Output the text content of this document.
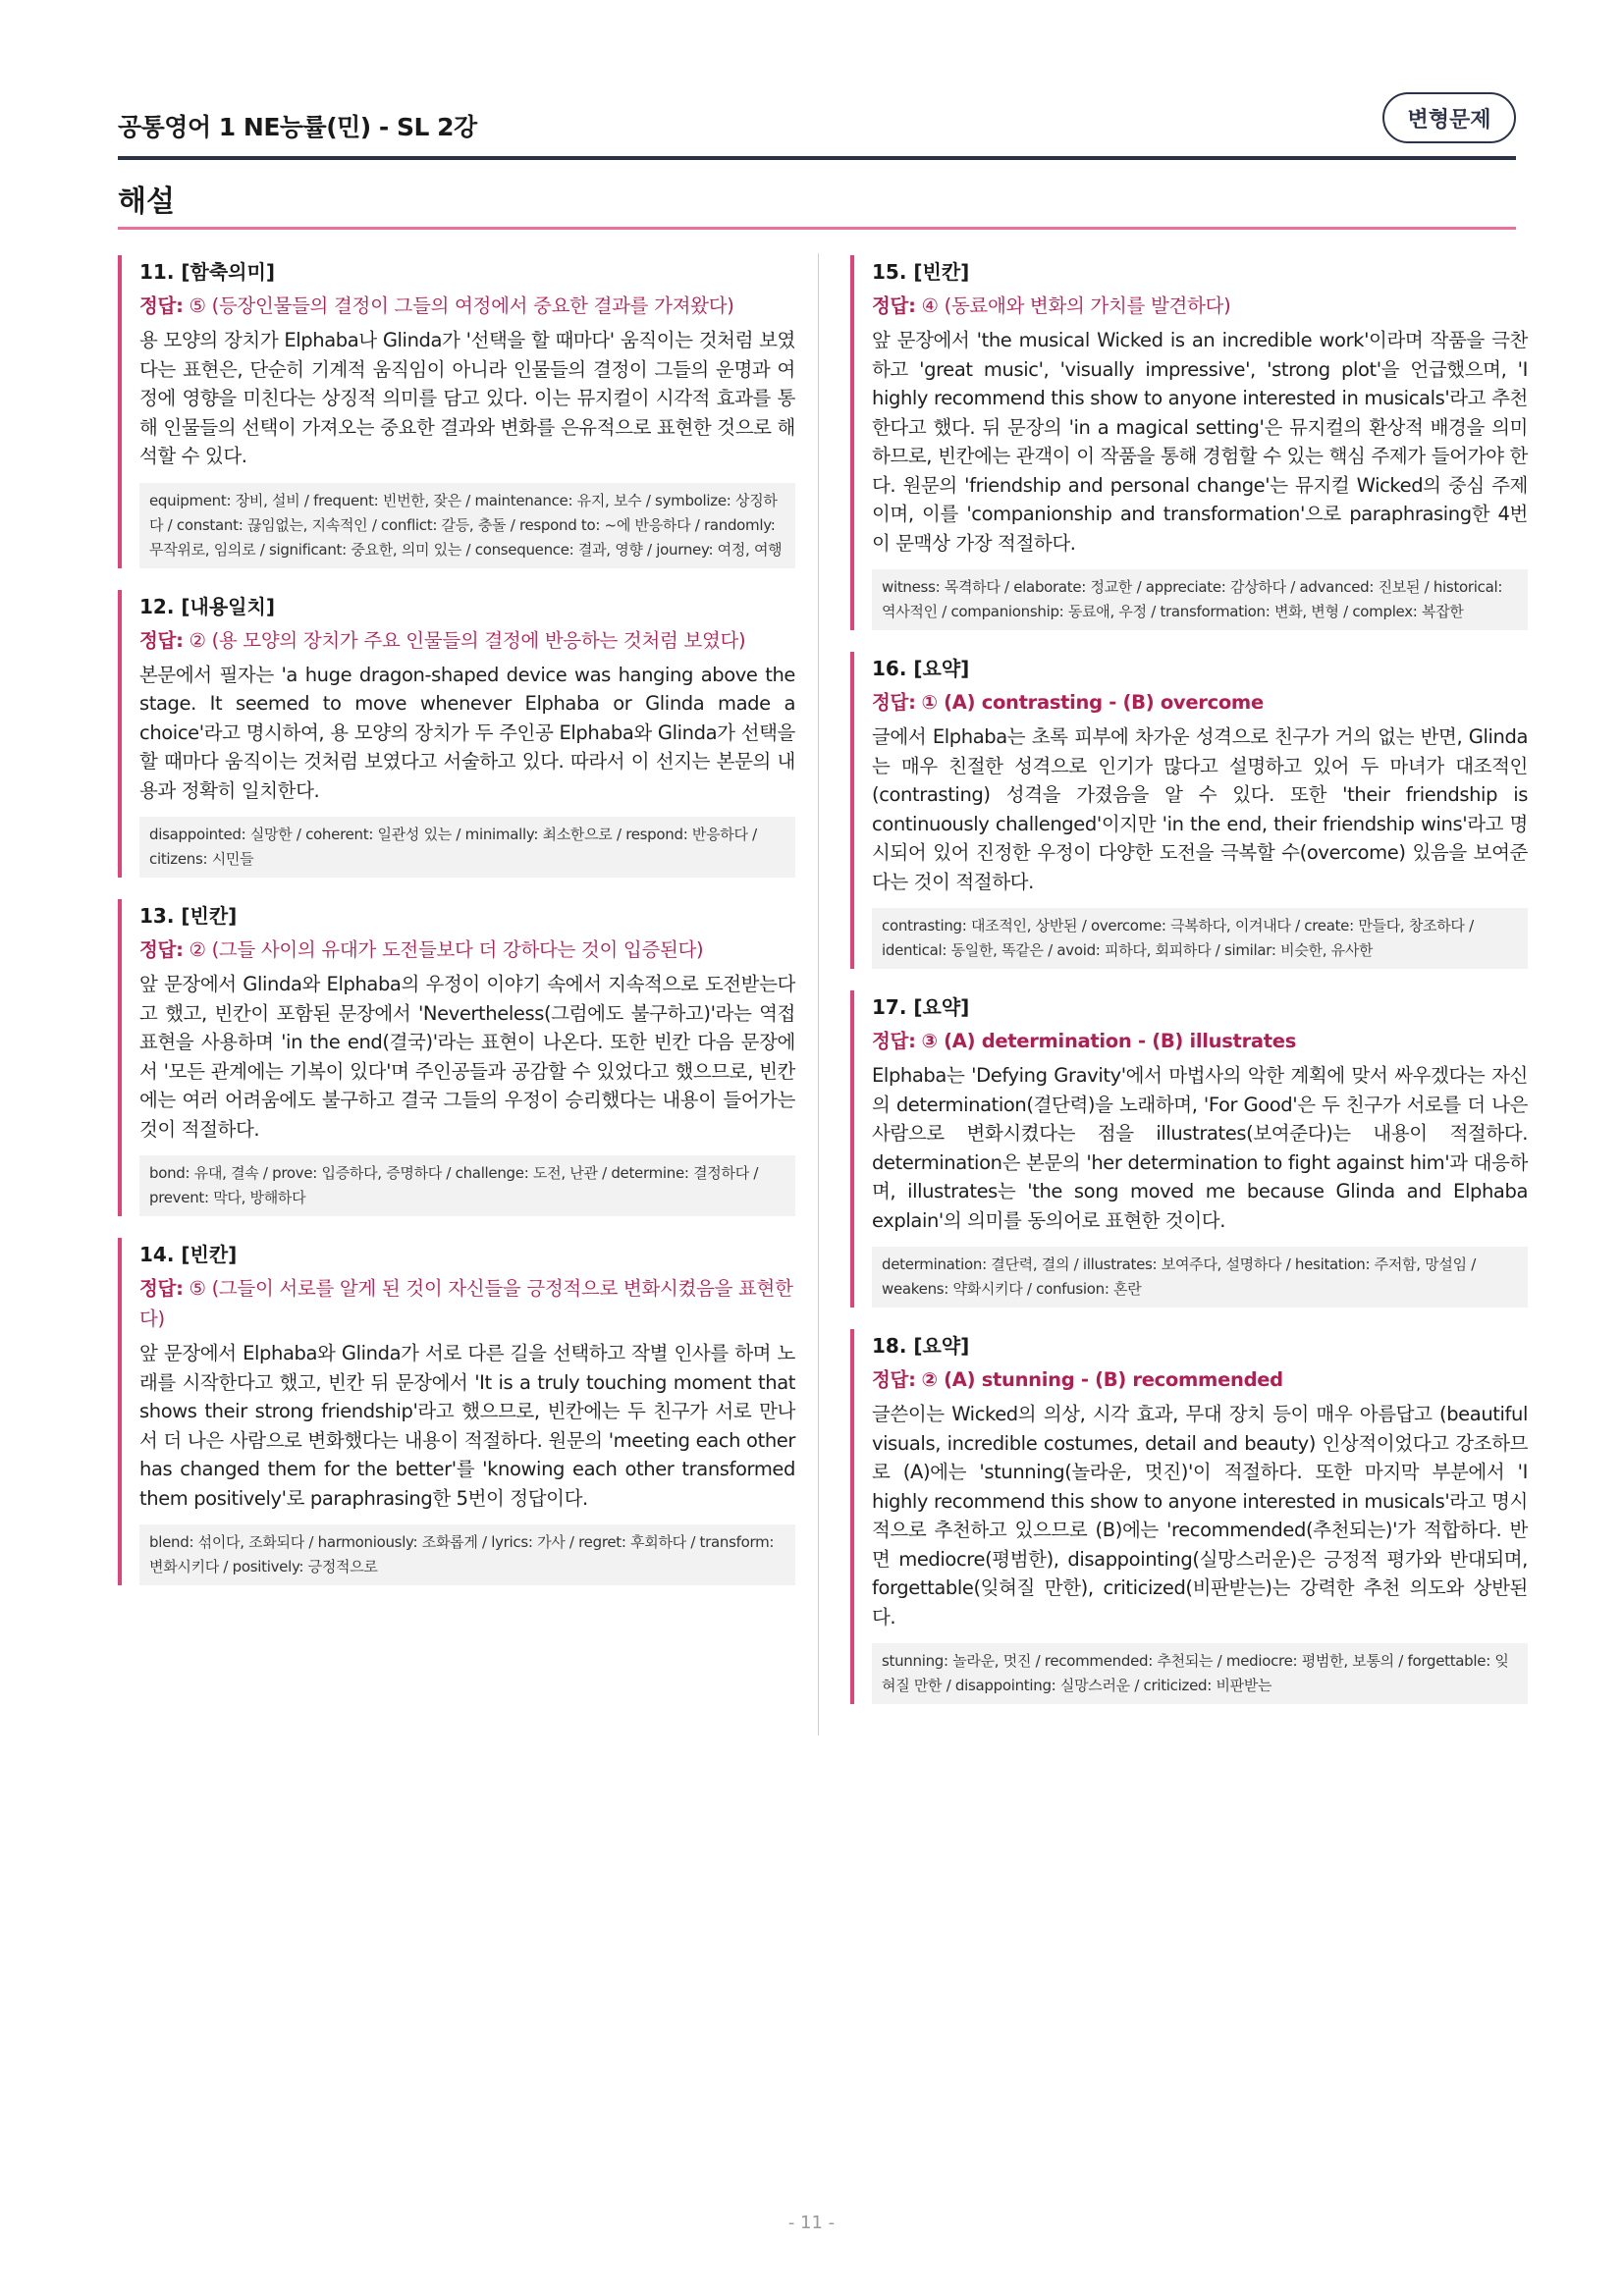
공통영어 1 NE능률(민) - SL 2강	변형문제
해설
11. [함축의미]
정답: ⑤ (등장인물들의 결정이 그들의 여정에서 중요한 결과를 가져왔다)
용 모양의 장치가 Elphaba나 Glinda가 '선택을 할 때마다' 움직이는 것처럼 보였다는 표현은, 단순히 기계적 움직임이 아니라 인물들의 결정이 그들의 운명과 여정에 영향을 미친다는 상징적 의미를 담고 있다. 이는 뮤지컬이 시각적 효과를 통해 인물들의 선택이 가져오는 중요한 결과와 변화를 은유적으로 표현한 것으로 해석할 수 있다.
equipment: 장비, 설비 / frequent: 빈번한, 잦은 / maintenance: 유지, 보수 / symbolize: 상징하다 / constant: 끊임없는, 지속적인 / conflict: 갈등, 충돌 / respond to: ~에 반응하다 / randomly: 무작위로, 임의로 / significant: 중요한, 의미 있는 / consequence: 결과, 영향 / journey: 여정, 여행
12. [내용일치]
정답: ② (용 모양의 장치가 주요 인물들의 결정에 반응하는 것처럼 보였다)
본문에서 필자는 'a huge dragon-shaped device was hanging above the stage. It seemed to move whenever Elphaba or Glinda made a choice'라고 명시하여, 용 모양의 장치가 두 주인공 Elphaba와 Glinda가 선택을 할 때마다 움직이는 것처럼 보였다고 서술하고 있다. 따라서 이 선지는 본문의 내용과 정확히 일치한다.
disappointed: 실망한 / coherent: 일관성 있는 / minimally: 최소한으로 / respond: 반응하다 / citizens: 시민들
13. [빈칸]
정답: ② (그들 사이의 유대가 도전들보다 더 강하다는 것이 입증된다)
앞 문장에서 Glinda와 Elphaba의 우정이 이야기 속에서 지속적으로 도전받는다고 했고, 빈칸이 포함된 문장에서 'Nevertheless(그럼에도 불구하고)'라는 역접 표현을 사용하며 'in the end(결국)'라는 표현이 나온다. 또한 빈칸 다음 문장에서 '모든 관계에는 기복이 있다'며 주인공들과 공감할 수 있었다고 했으므로, 빈칸에는 여러 어려움에도 불구하고 결국 그들의 우정이 승리했다는 내용이 들어가는 것이 적절하다.
bond: 유대, 결속 / prove: 입증하다, 증명하다 / challenge: 도전, 난관 / determine: 결정하다 / prevent: 막다, 방해하다
14. [빈칸]
정답: ⑤ (그들이 서로를 알게 된 것이 자신들을 긍정적으로 변화시켰음을 표현한다)
앞 문장에서 Elphaba와 Glinda가 서로 다른 길을 선택하고 작별 인사를 하며 노래를 시작한다고 했고, 빈칸 뒤 문장에서 'It is a truly touching moment that shows their strong friendship'라고 했으므로, 빈칸에는 두 친구가 서로 만나서 더 나은 사람으로 변화했다는 내용이 적절하다. 원문의 'meeting each other has changed them for the better'를 'knowing each other transformed them positively'로 paraphrasing한 5번이 정답이다.
blend: 섞이다, 조화되다 / harmoniously: 조화롭게 / lyrics: 가사 / regret: 후회하다 / transform: 변화시키다 / positively: 긍정적으로
15. [빈칸]
정답: ④ (동료애와 변화의 가치를 발견하다)
앞 문장에서 'the musical Wicked is an incredible work'이라며 작품을 극찬하고 'great music', 'visually impressive', 'strong plot'을 언급했으며, 'I highly recommend this show to anyone interested in musicals'라고 추천한다고 했다. 뒤 문장의 'in a magical setting'은 뮤지컬의 환상적 배경을 의미하므로, 빈칸에는 관객이 이 작품을 통해 경험할 수 있는 핵심 주제가 들어가야 한다. 원문의 'friendship and personal change'는 뮤지컬 Wicked의 중심 주제이며, 이를 'companionship and transformation'으로 paraphrasing한 4번이 문맥상 가장 적절하다.
witness: 목격하다 / elaborate: 정교한 / appreciate: 감상하다 / advanced: 진보된 / historical: 역사적인 / companionship: 동료애, 우정 / transformation: 변화, 변형 / complex: 복잡한
16. [요약]
정답: ① (A) contrasting - (B) overcome
글에서 Elphaba는 초록 피부에 차가운 성격으로 친구가 거의 없는 반면, Glinda는 매우 친절한 성격으로 인기가 많다고 설명하고 있어 두 마녀가 대조적인(contrasting) 성격을 가졌음을 알 수 있다. 또한 'their friendship is continuously challenged'이지만 'in the end, their friendship wins'라고 명시되어 있어 진정한 우정이 다양한 도전을 극복할 수(overcome) 있음을 보여준다는 것이 적절하다.
contrasting: 대조적인, 상반된 / overcome: 극복하다, 이겨내다 / create: 만들다, 창조하다 / identical: 동일한, 똑같은 / avoid: 피하다, 회피하다 / similar: 비슷한, 유사한
17. [요약]
정답: ③ (A) determination - (B) illustrates
Elphaba는 'Defying Gravity'에서 마법사의 악한 계획에 맞서 싸우겠다는 자신의 determination(결단력)을 노래하며, 'For Good'은 두 친구가 서로를 더 나은 사람으로 변화시켰다는 점을 illustrates(보여준다)는 내용이 적절하다. determination은 본문의 'her determination to fight against him'과 대응하며, illustrates는 'the song moved me because Glinda and Elphaba explain'의 의미를 동의어로 표현한 것이다.
determination: 결단력, 결의 / illustrates: 보여주다, 설명하다 / hesitation: 주저함, 망설임 / weakens: 약화시키다 / confusion: 혼란
18. [요약]
정답: ② (A) stunning - (B) recommended
글쓴이는 Wicked의 의상, 시각 효과, 무대 장치 등이 매우 아름답고 (beautiful visuals, incredible costumes, detail and beauty) 인상적이었다고 강조하므로 (A)에는 'stunning(놀라운, 멋진)'이 적절하다. 또한 마지막 부분에서 'I highly recommend this show to anyone interested in musicals'라고 명시적으로 추천하고 있으므로 (B)에는 'recommended(추천되는)'가 적합하다. 반면 mediocre(평범한), disappointing(실망스러운)은 긍정적 평가와 반대되며, forgettable(잊혀질 만한), criticized(비판받는)는 강력한 추천 의도와 상반된다.
stunning: 놀라운, 멋진 / recommended: 추천되는 / mediocre: 평범한, 보통의 / forgettable: 잊혀질 만한 / disappointing: 실망스러운 / criticized: 비판받는
- 11 -
